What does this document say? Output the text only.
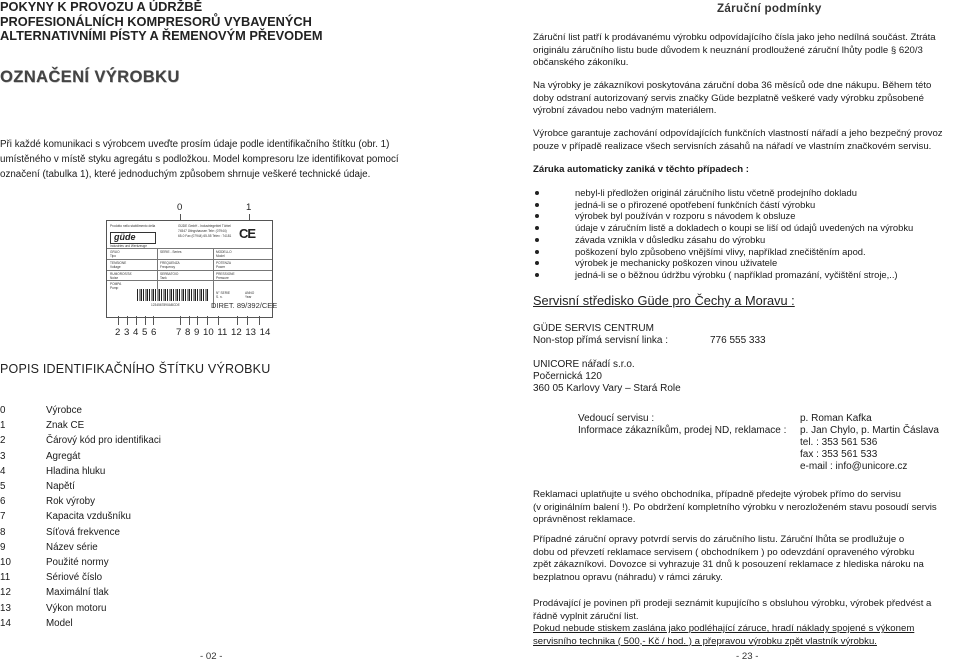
POKYNY K PROVOZU A ÚDRŽBĚ
PROFESIONÁLNÍCH KOMPRESORŮ VYBAVENÝCH
ALTERNATIVNÍMI PÍSTY A ŘEMENOVÝM PŘEVODEM
OZNAČENÍ VÝROBKU
Při každé komunikaci s výrobcem uveďte prosím údaje podle identifikačního štítku (obr. 1)
umístěného v místě styku agregátu s podložkou. Model kompresoru lze identifikovat pomocí
označení (tabulka 1), které jednoduchým způsobem shrnuje veškeré technické údaje.
0	1
Prodotto nello stabilimento della
güde
Industries und Werkzeuge
GÜDE GmbH - Industriegebiet Törbel
74547 Ütingshausen Tele: (07944)
65-0 Fax (07944) 65-55 Telex : 74181 CE
GRUO
Tipo
TENSIONE
Voltage
RUMOROSITA'
Noise
POMPA
Pump
SERIE - Series
FREQUENZA
Frequency
SERBATOIO
Tank
MODELLO
Model
POTENZA
Power
PRESSIONE
Pressure
N° SERIE
S. n.
ANNO
Year
1234567890ABCDE	DIRET. 89/392/CEE
2 3 4 5 6 7 8 9 10 11 12 13 14
POPIS IDENTIFIKAČNÍHO ŠTÍTKU VÝROBKU
0	Výrobce
1	Znak CE
2	Čárový kód pro identifikaci
3	Agregát
4	Hladina hluku
5	Napětí
6	Rok výroby
7	Kapacita vzdušníku
8	Síťová frekvence
9	Název série
10	Použité normy
11	Sériové číslo
12	Maximální tlak
13	Výkon motoru
14	Model
- 02 -
Záruční podmínky
Záruční list patří k prodávanému výrobku odpovídajícího čísla jako jeho nedílná součást. Ztráta
originálu záručního listu bude důvodem k neuznání prodloužené záruční lhůty podle § 620/3
občanského zákoníku.
Na výrobky je zákazníkovi poskytována záruční doba 36 měsíců ode dne nákupu. Během této
doby odstraní autorizovaný servis značky Güde bezplatně veškeré vady výrobku způsobené
výrobní závadou nebo vadným materiálem.
Výrobce garantuje zachování odpovídajících funkčních vlastností nářadí a jeho bezpečný provoz
pouze v případě realizace všech servisních zásahů na nářadí ve vlastním značkovém servisu.
Záruka automaticky zaniká v těchto případech :
nebyl-li předložen originál záručního listu včetně prodejního dokladu
jedná-li se o přirozené opotřebení funkčních částí výrobku
výrobek byl používán v rozporu s návodem k obsluze
údaje v záručním listě a dokladech o koupi se liší od údajů uvedených na výrobku
závada vznikla v důsledku zásahu do výrobku
poškození bylo způsobeno vnějšími vlivy, například znečištěním apod.
výrobek je mechanicky poškozen vinou uživatele
jedná-li se o běžnou údržbu výrobku ( například promazání, vyčištění stroje,..)
Servisní středisko Güde pro Čechy a Moravu :
GÜDE SERVIS CENTRUM
Non-stop přímá servisní linka :	776 555 333
UNICORE nářadí s.r.o.
Počernická 120
360 05 Karlovy Vary – Stará Role
Vedoucí servisu :	p. Roman Kafka
Informace zákazníkům, prodej ND, reklamace : p. Jan Chylo, p. Martin Čáslava
tel. : 353 561 536
fax : 353 561 533
e-mail : info@unicore.cz
Reklamaci uplatňujte u svého obchodníka, případně předejte výrobek přímo do servisu
(v originálním balení !). Po obdržení kompletního výrobku v nerozloženém stavu posoudí servis
oprávněnost reklamace.
Případné záruční opravy potvrdí servis do záručního listu. Záruční lhůta se prodlužuje o
dobu od převzetí reklamace servisem ( obchodníkem ) po odevzdání opraveného výrobku
zpět zákazníkovi. Dovozce si vyhrazuje 31 dnů k posouzení reklamace z hlediska nároku na
bezplatnou opravu (náhradu) v rámci záruky.
Prodávající je povinen při prodeji seznámit kupujícího s obsluhou výrobku, výrobek předvést a
řádně vyplnit záruční list.
Pokud nebude stiskem zaslána jako podléhající záruce, hradí náklady spojené s výkonem
servisního technika ( 500,- Kč / hod. ) a přepravou výrobku zpět vlastník výrobku.
- 23 -
